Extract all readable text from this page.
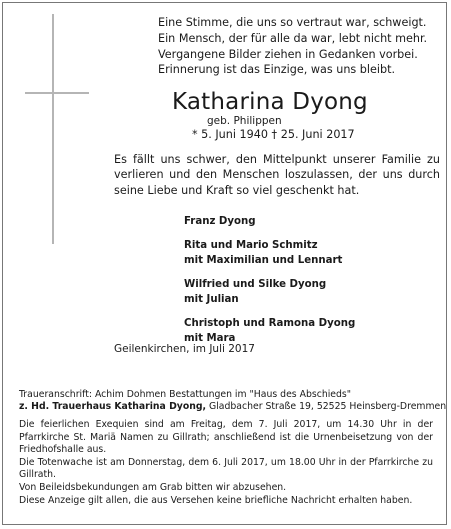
Eine Stimme, die uns so vertraut war, schweigt.
Ein Mensch, der für alle da war, lebt nicht mehr.
Vergangene Bilder ziehen in Gedanken vorbei.
Erinnerung ist das Einzige, was uns bleibt.
Katharina Dyong
geb. Philippen
* 5. Juni 1940 † 25. Juni 2017
Es fällt uns schwer, den Mittelpunkt unserer Familie zu verlieren und den Menschen loszulassen, der uns durch seine Liebe und Kraft so viel geschenkt hat.
Franz Dyong
Rita und Mario Schmitz
mit Maximilian und Lennart
Wilfried und Silke Dyong
mit Julian
Christoph und Ramona Dyong
mit Mara
Geilenkirchen, im Juli 2017
Traueranschrift: Achim Dohmen Bestattungen im "Haus des Abschieds"
z. Hd. Trauerhaus Katharina Dyong, Gladbacher Straße 19, 52525 Heinsberg-Dremmen

Die feierlichen Exequien sind am Freitag, dem 7. Juli 2017, um 14.30 Uhr in der Pfarrkirche St. Mariä Namen zu Gillrath; anschließend ist die Urnenbeisetzung von der Friedhofshalle aus.

Die Totenwache ist am Donnerstag, dem 6. Juli 2017, um 18.00 Uhr in der Pfarrkirche zu Gillrath.

Von Beileidsbekundungen am Grab bitten wir abzusehen.

Diese Anzeige gilt allen, die aus Versehen keine briefliche Nachricht erhalten haben.
